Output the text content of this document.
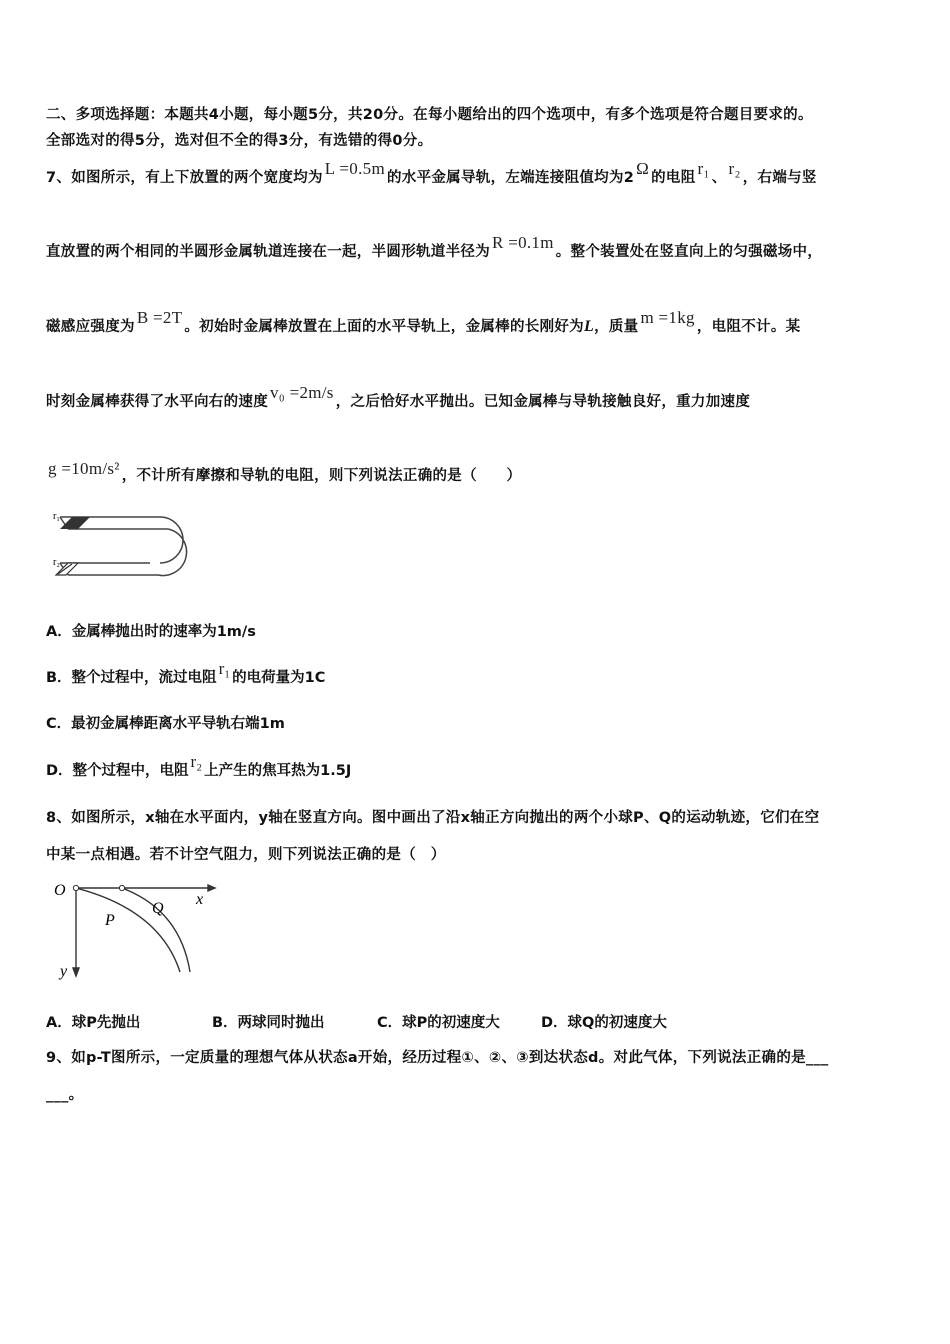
二、多项选择题：本题共4小题，每小题5分，共20分。在每小题给出的四个选项中，有多个选项是符合题目要求的。
全部选对的得5分，选对但不全的得3分，有选错的得0分。
7、如图所示，有上下放置的两个宽度均为 L =0.5m 的水平金属导轨，左端连接阻值均为2 Ω 的电阻 r₁ 、 r₂ ，右端与竖
直放置的两个相同的半圆形金属轨道连接在一起，半圆形轨道半径为 R =0.1m 。整个装置处在竖直向上的匀强磁场中，
磁感应强度为 B =2T 。初始时金属棒放置在上面的水平导轨上，金属棒的长刚好为L，质量 m =1kg ，电阻不计。某
时刻金属棒获得了水平向右的速度 v₀ =2m/s ，之后恰好水平抛出。已知金属棒与导轨接触良好，重力加速度
g =10m/s² ，不计所有摩擦和导轨的电阻，则下列说法正确的是（　　）
r₁
r₂
A．金属棒抛出时的速率为1m/s
B．整个过程中，流过电阻 r₁ 的电荷量为1C
C．最初金属棒距离水平导轨右端1m
D．整个过程中，电阻 r₂ 上产生的焦耳热为1.5J
8、如图所示，x轴在水平面内，y轴在竖直方向。图中画出了沿x轴正方向抛出的两个小球P、Q的运动轨迹，它们在空
中某一点相遇。若不计空气阻力，则下列说法正确的是（　）
O
x
y
P
Q
A．球P先抛出	B．两球同时抛出	C．球P的初速度大	D．球Q的初速度大
9、如p-T图所示，一定质量的理想气体从状态a开始，经历过程①、②、③到达状态d。对此气体，下列说法正确的是___
___。
